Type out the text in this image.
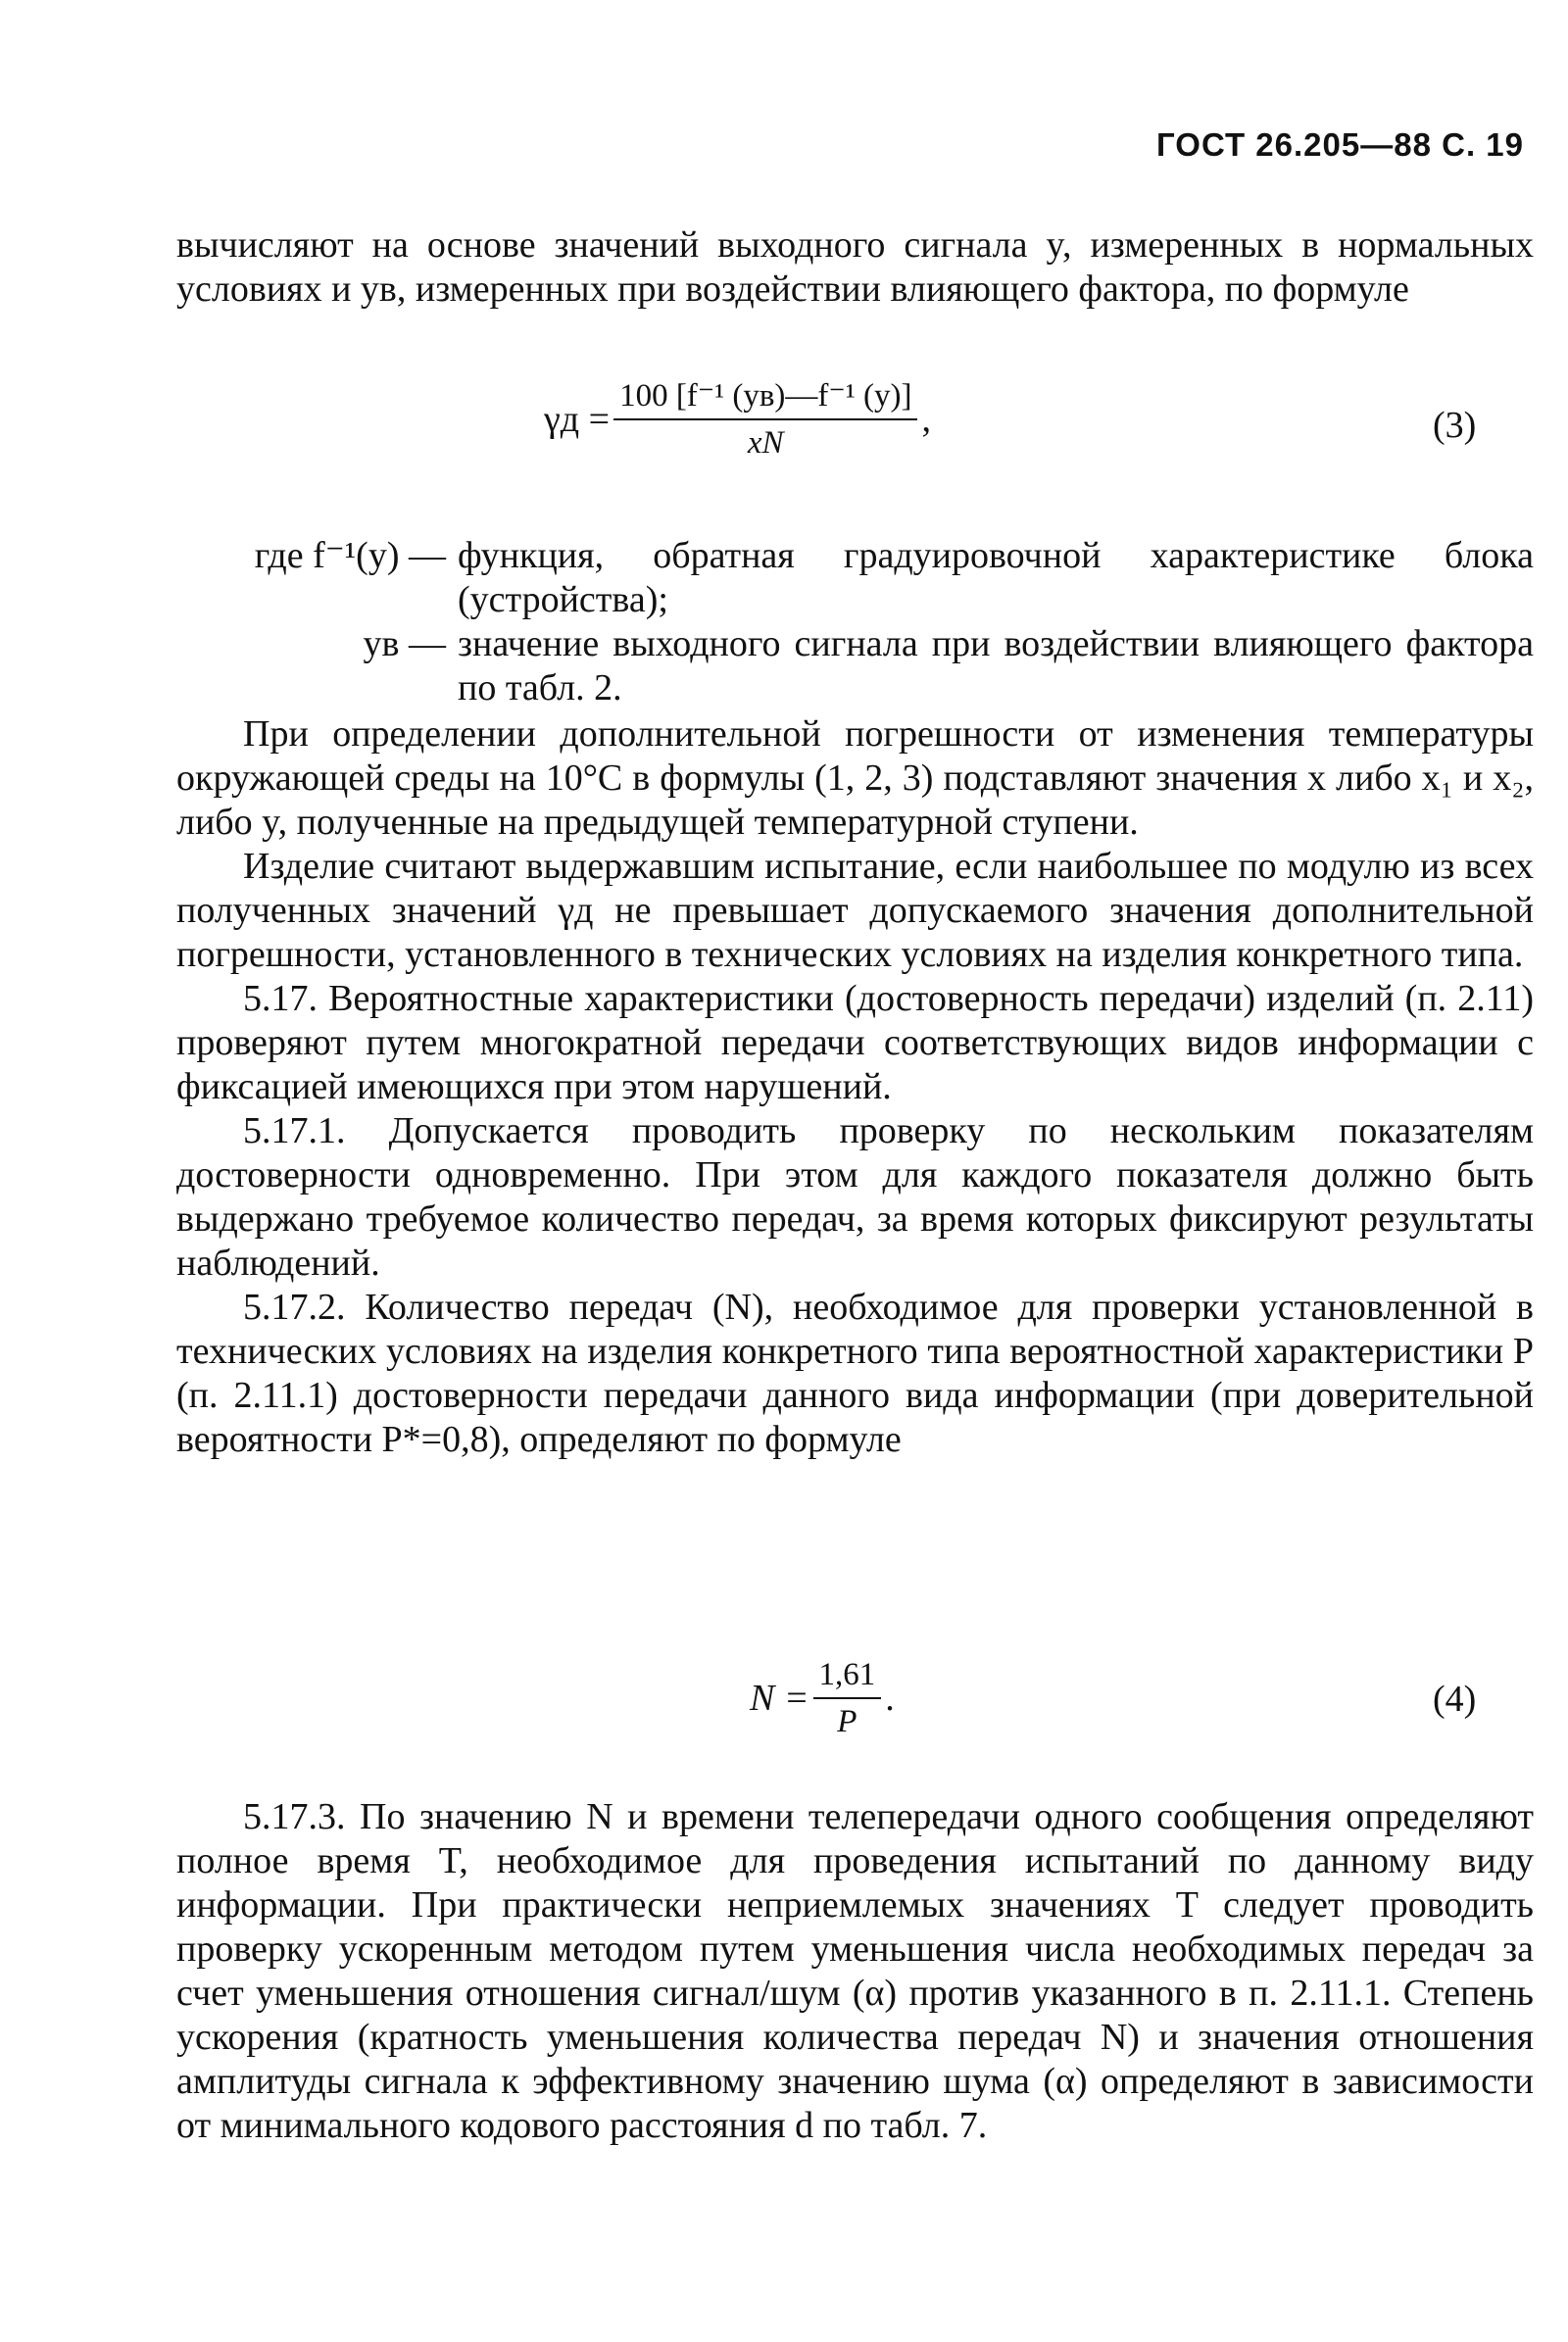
ГОСТ 26.205—88 С. 19

вычисляют на основе значений выходного сигнала y, измеренных в нормальных условиях и yв, измеренных при воздействии влияющего фактора, по формуле

$\gamma д = \frac{\text{100 [f⁻¹ (yв)—f⁻¹ (y)]}}{xN}$ ,	(3)
где f⁻¹(y) — функция, обратная градуировочной характеристике блока (устройства);
yв — значение выходного сигнала при воздействии влияющего фактора по табл. 2.

При определении дополнительной погрешности от изменения температуры окружающей среды на 10°С в формулы (1, 2, 3) подставляют значения x либо x₁ и x₂, либо y, полученные на предыдущей температурной ступени.

Изделие считают выдержавшим испытание, если наибольшее по модулю из всех полученных значений γд не превышает допускаемого значения дополнительной погрешности, установленного в технических условиях на изделия конкретного типа.

5.17. Вероятностные характеристики (достоверность передачи) изделий (п. 2.11) проверяют путем многократной передачи соответствующих видов информации с фиксацией имеющихся при этом нарушений.

5.17.1. Допускается проводить проверку по нескольким показателям достоверности одновременно. При этом для каждого показателя должно быть выдержано требуемое количество передач, за время которых фиксируют результаты наблюдений.

5.17.2. Количество передач (N), необходимое для проверки установленной в технических условиях на изделия конкретного типа вероятностной характеристики P (п. 2.11.1) достоверности передачи данного вида информации (при доверительной вероятности P*=0,8), определяют по формуле

$N = \frac{1,61}{P}$ .	(4)

5.17.3. По значению N и времени телепередачи одного сообщения определяют полное время T, необходимое для проведения испытаний по данному виду информации. При практически неприемлемых значениях T следует проводить проверку ускоренным методом путем уменьшения числа необходимых передач за счет уменьшения отношения сигнал/шум (α) против указанного в п. 2.11.1. Степень ускорения (кратность уменьшения количества передач N) и значения отношения амплитуды сигнала к эффективному значению шума (α) определяют в зависимости от минимального кодового расстояния d по табл. 7.
